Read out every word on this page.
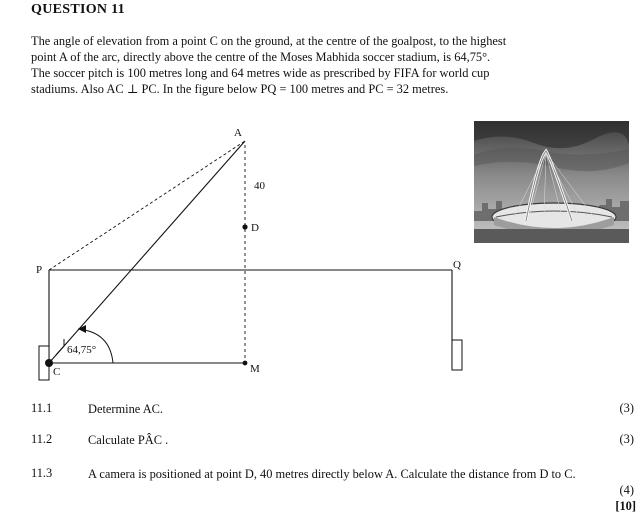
QUESTION 11
The angle of elevation from a point C on the ground, at the centre of the goalpost, to the highest
point A of the arc, directly above the centre of the Moses Mabhida soccer stadium, is 64,75°.
The soccer pitch is 100 metres long and 64 metres wide as prescribed by FIFA for world cup
stadiums. Also AC ⊥ PC. In the figure below PQ = 100 metres and PC = 32 metres.
A
P	Q
C
D
M
40
64,75°
11.1	Determine AC.	(3)
11.2	Calculate PÂC .	(3)
11.3	A camera is positioned at point D, 40 metres directly below A. Calculate the distance from D to C.
(4)
[10]
